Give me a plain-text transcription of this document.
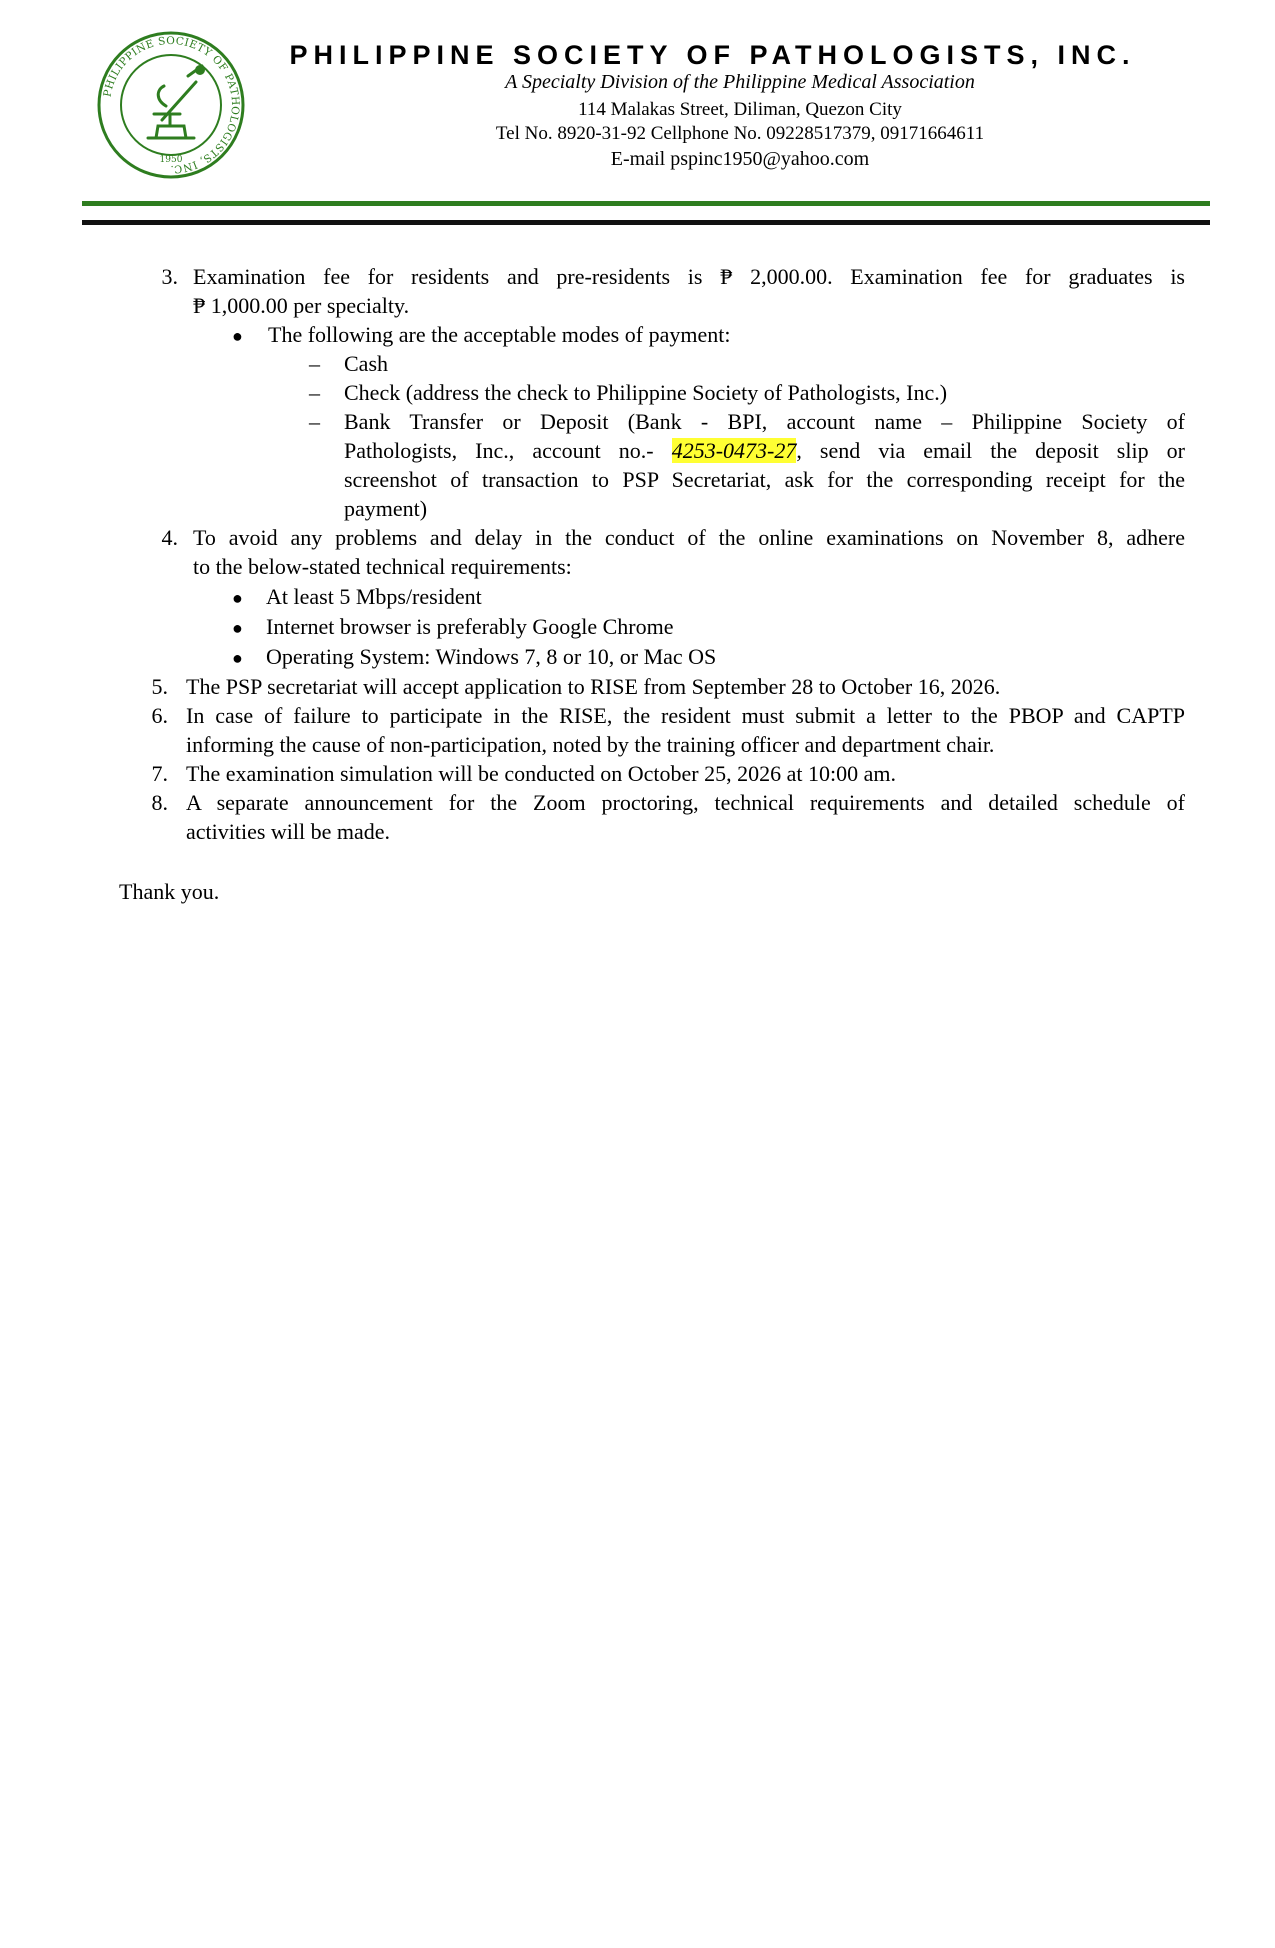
PHILIPPINE SOCIETY OF PATHOLOGISTS, INC.
1950
PHILIPPINE SOCIETY OF PATHOLOGISTS, INC.
A Specialty Division of the Philippine Medical Association
114 Malakas Street, Diliman, Quezon City
Tel No. 8920-31-92 Cellphone No. 09228517379, 09171664611
E-mail pspinc1950@yahoo.com
3. Examination fee for residents and pre-residents is ₱ 2,000.00. Examination fee for graduates is
₱ 1,000.00 per specialty.
● The following are the acceptable modes of payment:
– Cash
– Check (address the check to Philippine Society of Pathologists, Inc.)
– Bank Transfer or Deposit (Bank - BPI, account name – Philippine Society of
Pathologists, Inc., account no.- 4253-0473-27, send via email the deposit slip or
screenshot of transaction to PSP Secretariat, ask for the corresponding receipt for the
payment)
4. To avoid any problems and delay in the conduct of the online examinations on November 8, adhere
to the below-stated technical requirements:
● At least 5 Mbps/resident
● Internet browser is preferably Google Chrome
● Operating System: Windows 7, 8 or 10, or Mac OS
5. The PSP secretariat will accept application to RISE from September 28 to October 16, 2026.
6. In case of failure to participate in the RISE, the resident must submit a letter to the PBOP and CAPTP
informing the cause of non-participation, noted by the training officer and department chair.
7. The examination simulation will be conducted on October 25, 2026 at 10:00 am.
8. A separate announcement for the Zoom proctoring, technical requirements and detailed schedule of
activities will be made.
Thank you.
